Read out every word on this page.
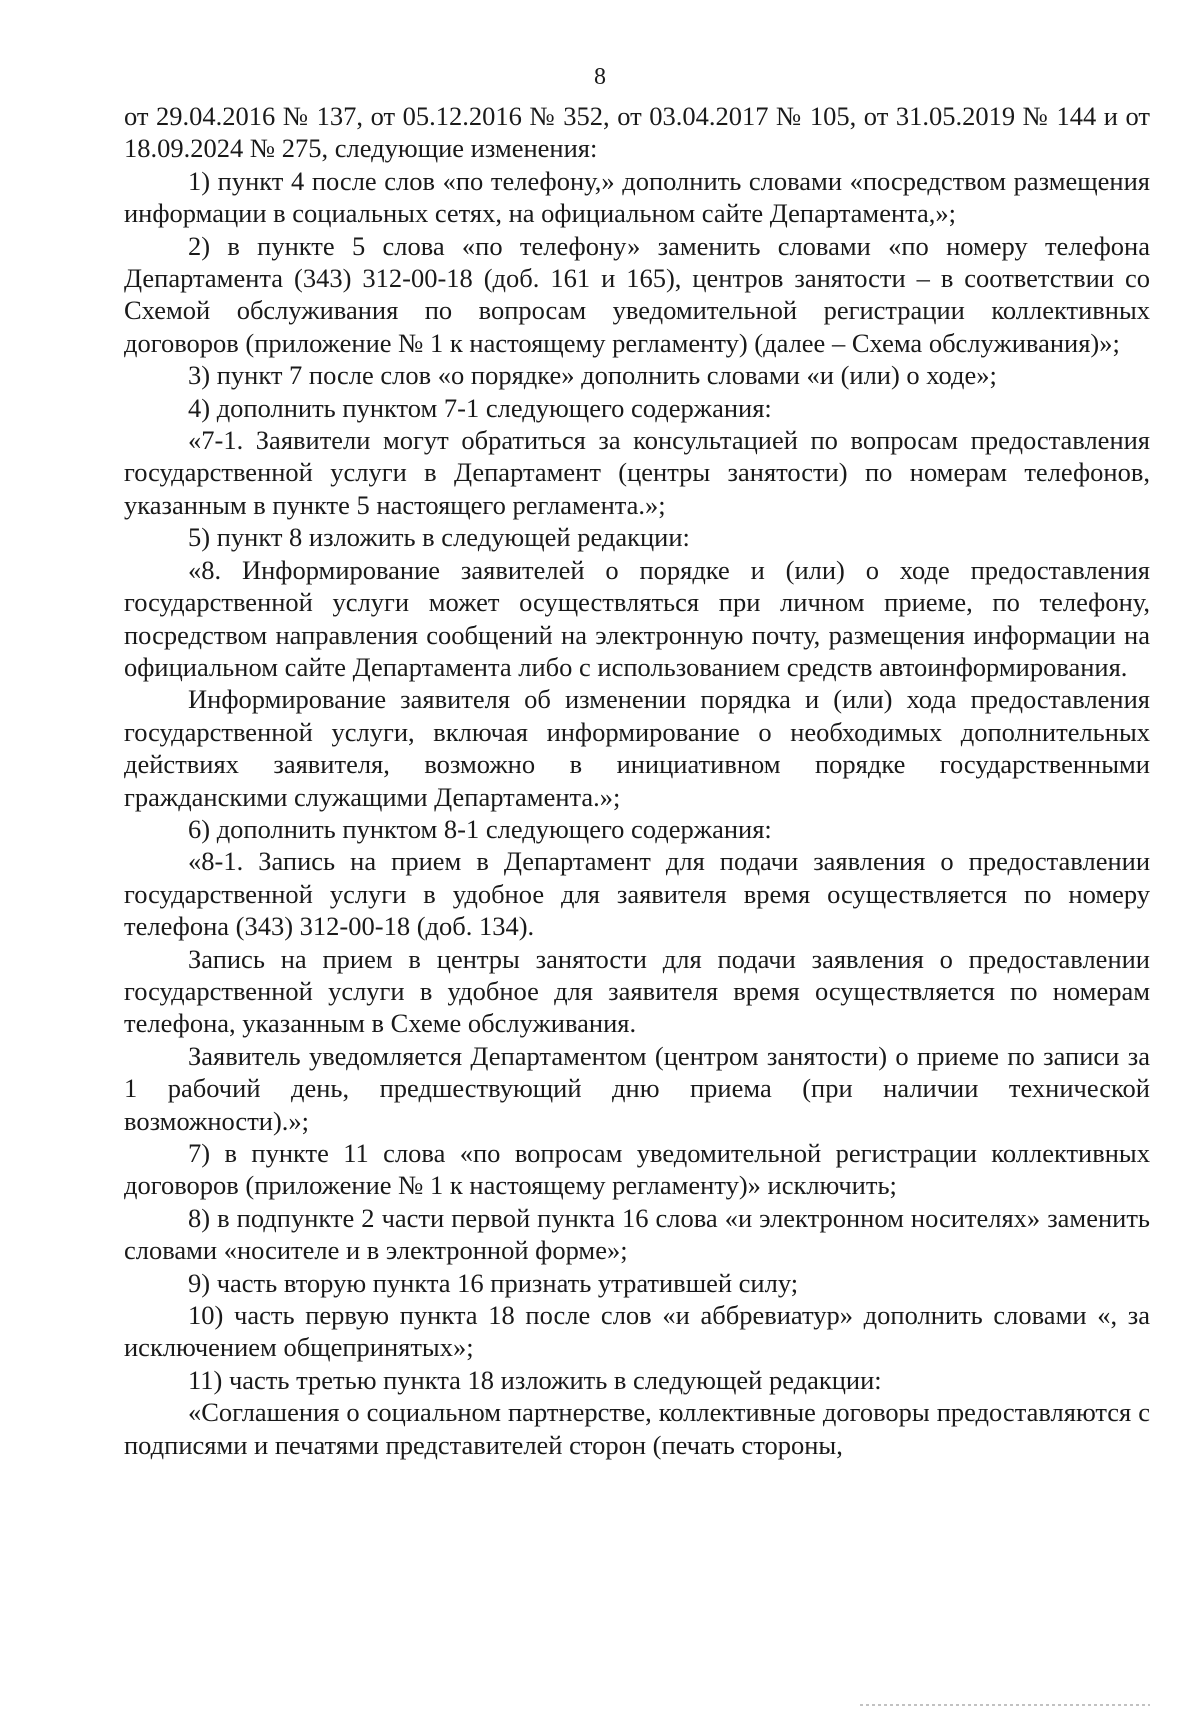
8

от 29.04.2016 № 137, от 05.12.2016 № 352, от 03.04.2017 № 105, от 31.05.2019 № 144 и от 18.09.2024 № 275, следующие изменения:

1) пункт 4 после слов «по телефону,» дополнить словами «посредством размещения информации в социальных сетях, на официальном сайте Департамента,»;

2) в пункте 5 слова «по телефону» заменить словами «по номеру телефона Департамента (343) 312-00-18 (доб. 161 и 165), центров занятости – в соответствии со Схемой обслуживания по вопросам уведомительной регистрации коллективных договоров (приложение № 1 к настоящему регламенту) (далее – Схема обслуживания)»;

3) пункт 7 после слов «о порядке» дополнить словами «и (или) о ходе»;

4) дополнить пунктом 7-1 следующего содержания:

«7-1. Заявители могут обратиться за консультацией по вопросам предоставления государственной услуги в Департамент (центры занятости) по номерам телефонов, указанным в пункте 5 настоящего регламента.»;

5) пункт 8 изложить в следующей редакции:

«8. Информирование заявителей о порядке и (или) о ходе предоставления государственной услуги может осуществляться при личном приеме, по телефону, посредством направления сообщений на электронную почту, размещения информации на официальном сайте Департамента либо с использованием средств автоинформирования.

Информирование заявителя об изменении порядка и (или) хода предоставления государственной услуги, включая информирование о необходимых дополнительных действиях заявителя, возможно в инициативном порядке государственными гражданскими служащими Департамента.»;

6) дополнить пунктом 8-1 следующего содержания:

«8-1. Запись на прием в Департамент для подачи заявления о предоставлении государственной услуги в удобное для заявителя время осуществляется по номеру телефона (343) 312-00-18 (доб. 134).

Запись на прием в центры занятости для подачи заявления о предоставлении государственной услуги в удобное для заявителя время осуществляется по номерам телефона, указанным в Схеме обслуживания.

Заявитель уведомляется Департаментом (центром занятости) о приеме по записи за 1 рабочий день, предшествующий дню приема (при наличии технической возможности).»;

7) в пункте 11 слова «по вопросам уведомительной регистрации коллективных договоров (приложение № 1 к настоящему регламенту)» исключить;

8) в подпункте 2 части первой пункта 16 слова «и электронном носителях» заменить словами «носителе и в электронной форме»;

9) часть вторую пункта 16 признать утратившей силу;

10) часть первую пункта 18 после слов «и аббревиатур» дополнить словами «, за исключением общепринятых»;

11) часть третью пункта 18 изложить в следующей редакции:

«Соглашения о социальном партнерстве, коллективные договоры предоставляются с подписями и печатями представителей сторон (печать стороны,
